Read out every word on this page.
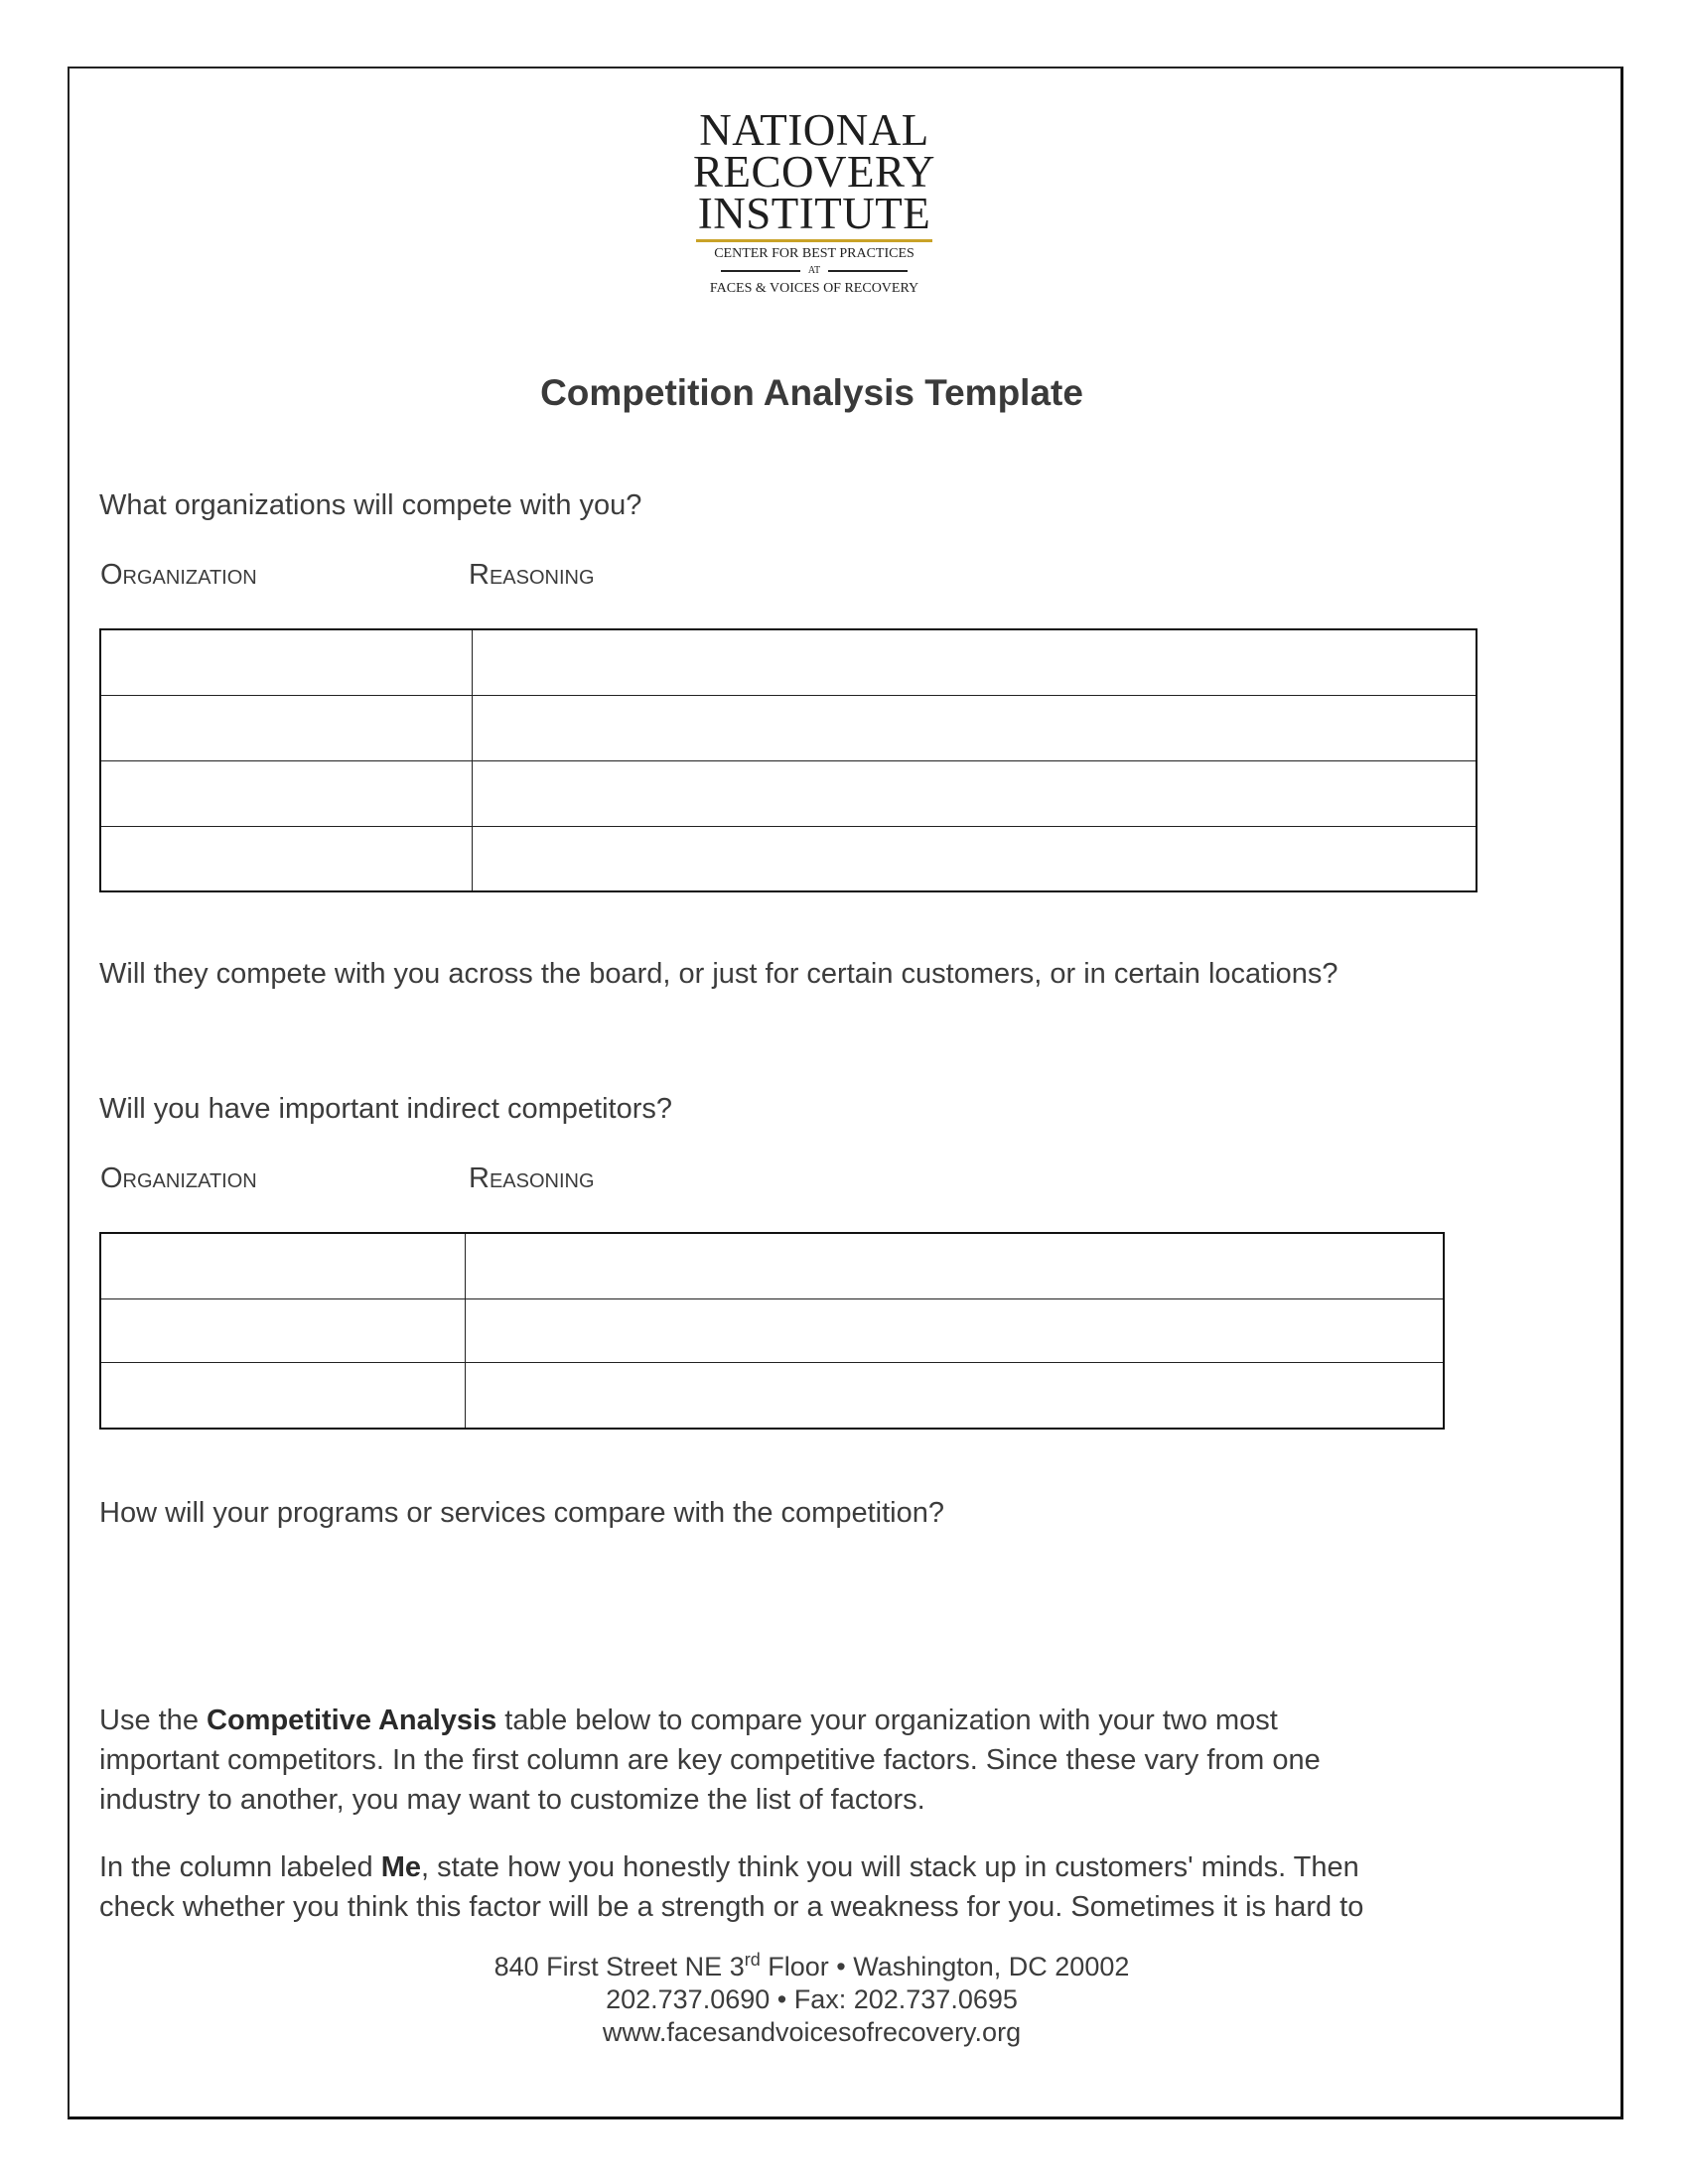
NATIONAL
RECOVERY
INSTITUTE
CENTER FOR BEST PRACTICES
AT
FACES & VOICES OF RECOVERY
Competition Analysis Template
What organizations will compete with you?
Organization	Reasoning

Will they compete with you across the board, or just for certain customers, or in certain locations?
Will you have important indirect competitors?
Organization	Reasoning

How will your programs or services compare with the competition?
Use the Competitive Analysis table below to compare your organization with your two most important competitors. In the first column are key competitive factors. Since these vary from one industry to another, you may want to customize the list of factors.
In the column labeled Me, state how you honestly think you will stack up in customers' minds. Then check whether you think this factor will be a strength or a weakness for you. Sometimes it is hard to
840 First Street NE 3rd Floor • Washington, DC 20002
202.737.0690 • Fax: 202.737.0695
www.facesandvoicesofrecovery.org
